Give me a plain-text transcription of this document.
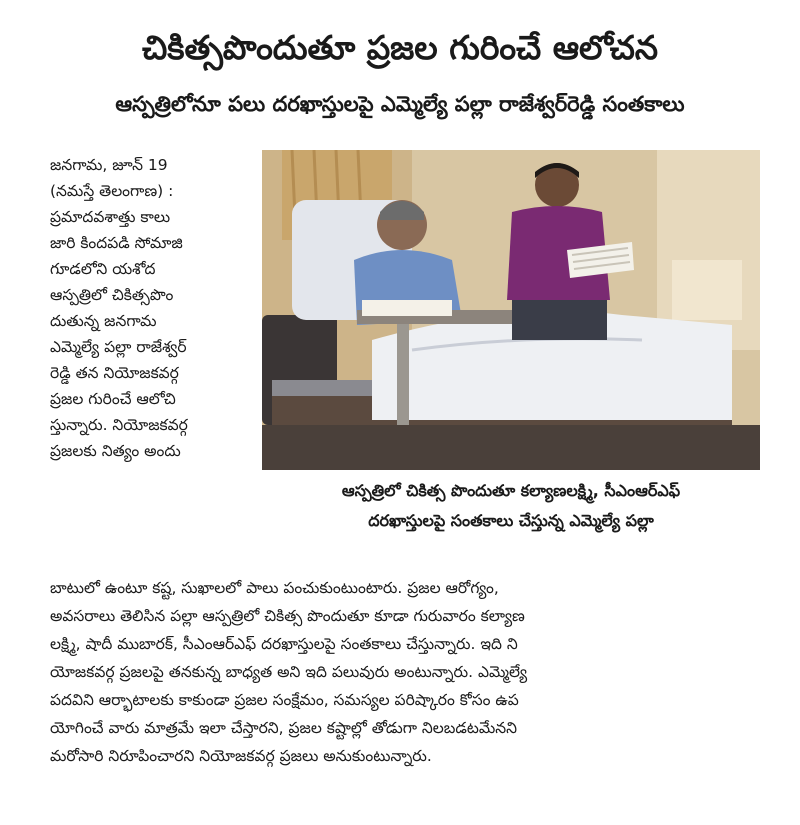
చికిత్సపొందుతూ ప్రజల గురించే ఆలోచన
ఆస్పత్రిలోనూ పలు దరఖాస్తులపై ఎమ్మెల్యే పల్లా రాజేశ్వర్‌రెడ్డి సంతకాలు
జనగామ, జూన్ 19
(నమస్తే తెలంగాణ) :
ప్రమాదవశాత్తు కాలు
జారి కిందపడి సోమాజి
గూడలోని యశోద
ఆస్పత్రిలో చికిత్సపొం
దుతున్న జనగామ
ఎమ్మెల్యే పల్లా రాజేశ్వర్
రెడ్డి తన నియోజకవర్గ
ప్రజల గురించే ఆలోచి
స్తున్నారు. నియోజకవర్గ
ప్రజలకు నిత్యం అందు
ఆస్పత్రిలో చికిత్స పొందుతూ కల్యాణలక్ష్మి, సీఎంఆర్ఎఫ్
దరఖాస్తులపై సంతకాలు చేస్తున్న ఎమ్మెల్యే పల్లా
బాటులో ఉంటూ కష్ట, సుఖాలలో పాలు పంచుకుంటుంటారు. ప్రజల ఆరోగ్యం,
అవసరాలు తెలిసిన పల్లా ఆస్పత్రిలో చికిత్స పొందుతూ కూడా గురువారం కల్యాణ
లక్ష్మి, షాదీ ముబారక్, సీఎంఆర్ఎఫ్ దరఖాస్తులపై సంతకాలు చేస్తున్నారు. ఇది ని
యోజకవర్గ ప్రజలపై తనకున్న బాధ్యత అని ఇది పలువురు అంటున్నారు. ఎమ్మెల్యే
పదవిని ఆర్భాటాలకు కాకుండా ప్రజల సంక్షేమం, సమస్యల పరిష్కారం కోసం ఉప
యోగించే వారు మాత్రమే ఇలా చేస్తారని, ప్రజల కష్టాల్లో తోడుగా నిలబడటమేనని
మరోసారి నిరూపించారని నియోజకవర్గ ప్రజలు అనుకుంటున్నారు.
